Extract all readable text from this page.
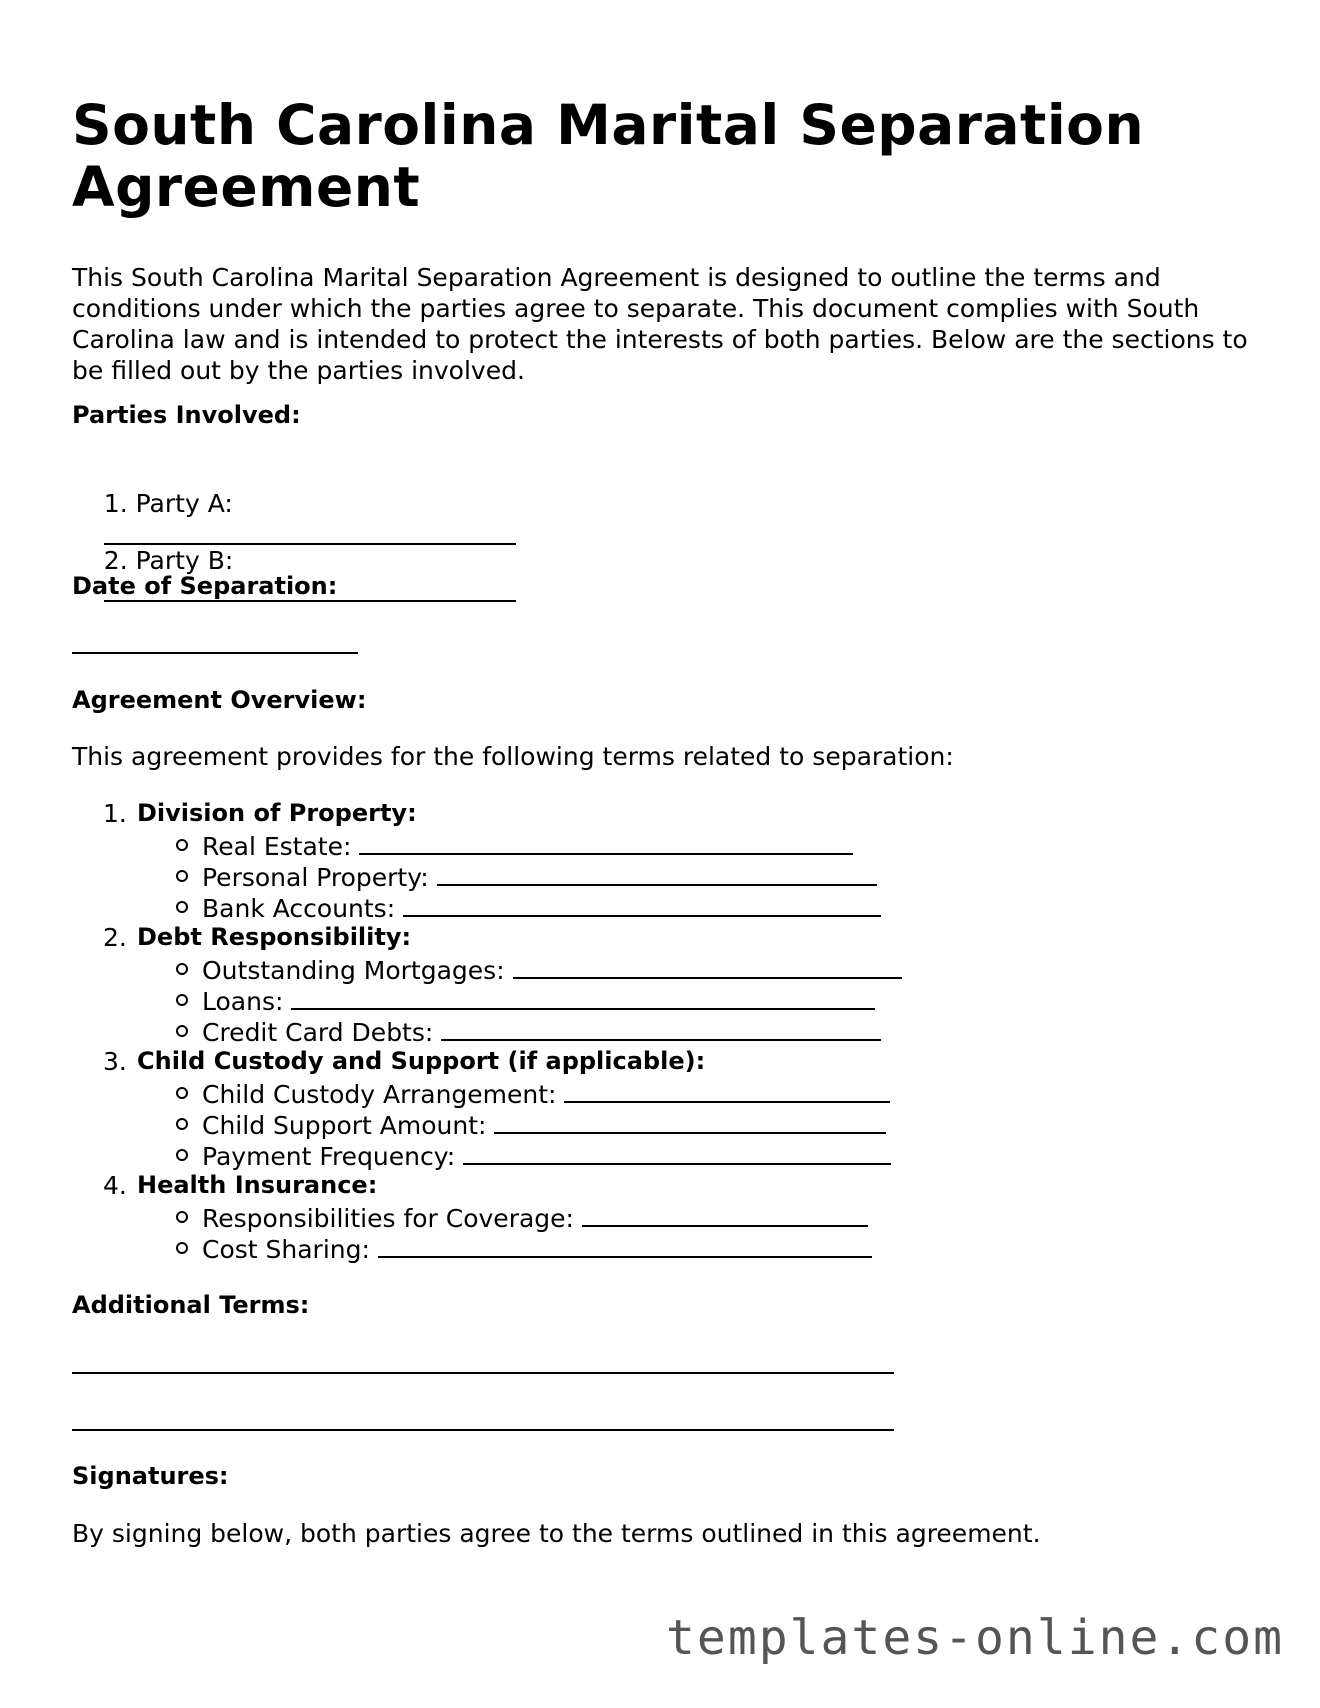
South Carolina Marital Separation Agreement

This South Carolina Marital Separation Agreement is designed to outline the terms and conditions under which the parties agree to separate. This document complies with South Carolina law and is intended to protect the interests of both parties. Below are the sections to be filled out by the parties involved.

Parties Involved:

1. Party A:

2. Party B:

Date of Separation:

Agreement Overview:

This agreement provides for the following terms related to separation:

1. Division of Property:
Real Estate:
Personal Property:
Bank Accounts:
2. Debt Responsibility:
Outstanding Mortgages:
Loans:
Credit Card Debts:
3. Child Custody and Support (if applicable):
Child Custody Arrangement:
Child Support Amount:
Payment Frequency:
4. Health Insurance:
Responsibilities for Coverage:
Cost Sharing:

Additional Terms:

Signatures:

By signing below, both parties agree to the terms outlined in this agreement.

templates-online.com
